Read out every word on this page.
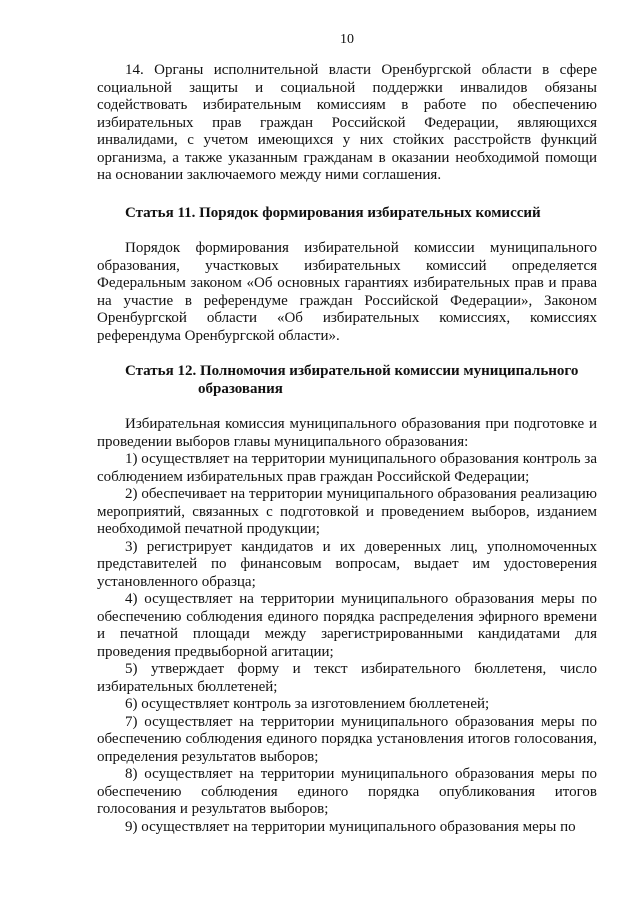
10

14. Органы исполнительной власти Оренбургской области в сфере социальной защиты и социальной поддержки инвалидов обязаны содействовать избирательным комиссиям в работе по обеспечению избирательных прав граждан Российской Федерации, являющихся инвалидами, с учетом имеющихся у них стойких расстройств функций организма, а также указанным гражданам в оказании необходимой помощи на основании заключаемого между ними соглашения.

Статья 11. Порядок формирования избирательных комиссий

Порядок формирования избирательной комиссии муниципального образования, участковых избирательных комиссий определяется Федеральным законом «Об основных гарантиях избирательных прав и права на участие в референдуме граждан Российской Федерации», Законом Оренбургской области «Об избирательных комиссиях, комиссиях референдума Оренбургской области».

Статья 12. Полномочия избирательной комиссии муниципального
образования

Избирательная комиссия муниципального образования при подготовке и проведении выборов главы муниципального образования:

1) осуществляет на территории муниципального образования контроль за соблюдением избирательных прав граждан Российской Федерации;

2) обеспечивает на территории муниципального образования реализацию мероприятий, связанных с подготовкой и проведением выборов, изданием необходимой печатной продукции;

3) регистрирует кандидатов и их доверенных лиц, уполномоченных представителей по финансовым вопросам, выдает им удостоверения установленного образца;

4) осуществляет на территории муниципального образования меры по обеспечению соблюдения единого порядка распределения эфирного времени и печатной площади между зарегистрированными кандидатами для проведения предвыборной агитации;

5) утверждает форму и текст избирательного бюллетеня, число избирательных бюллетеней;

6) осуществляет контроль за изготовлением бюллетеней;

7) осуществляет на территории муниципального образования меры по обеспечению соблюдения единого порядка установления итогов голосования, определения результатов выборов;

8) осуществляет на территории муниципального образования меры по обеспечению соблюдения единого порядка опубликования итогов голосования и результатов выборов;

9) осуществляет на территории муниципального образования меры по
